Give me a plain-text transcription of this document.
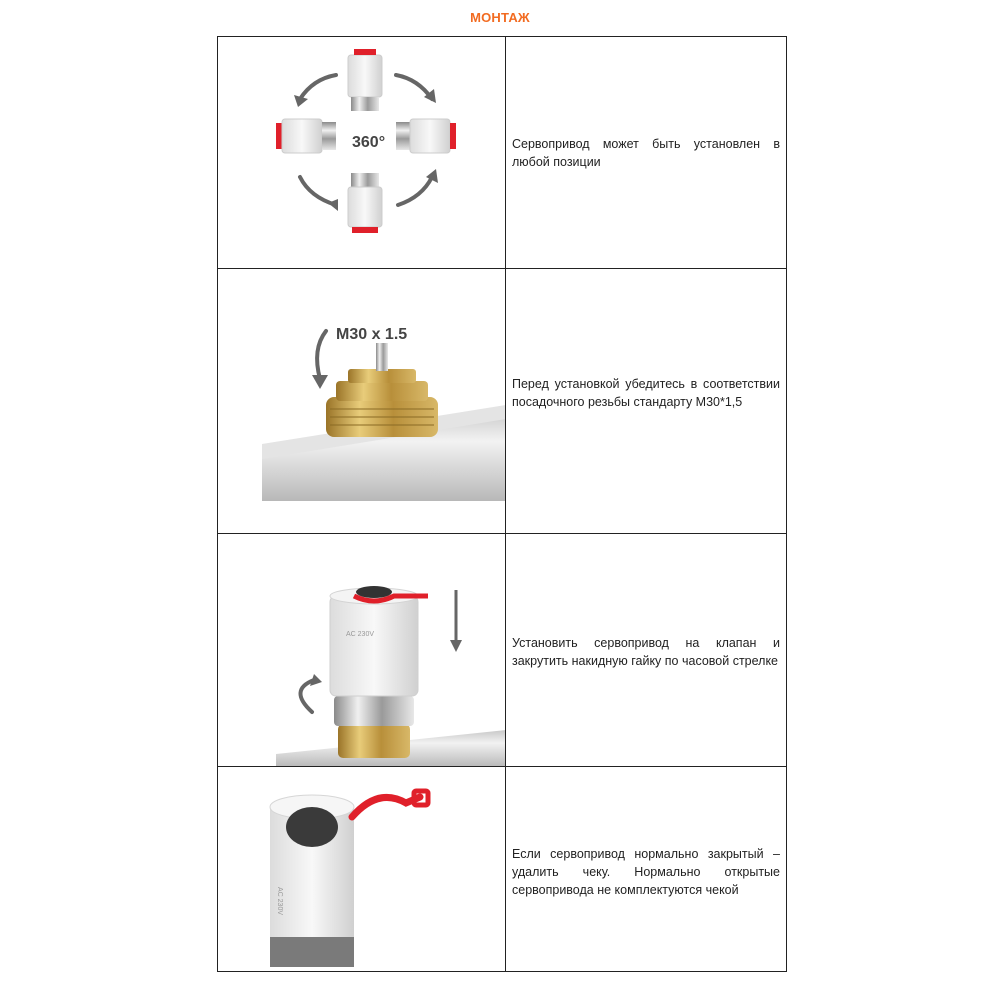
МОНТАЖ
360°	Сервопривод может быть установлен в любой позиции
M30 x 1.5
Перед установкой убедитесь в соответствии посадочного резьбы стандарту М30*1,5
AC 230V
Установить сервопривод на клапан и закрутить накидную гайку по часовой стрелке
AC 230V
Если сервопривод нормально закрытый – удалить чеку. Нормально открытые сервопривода не комплектуются чекой
